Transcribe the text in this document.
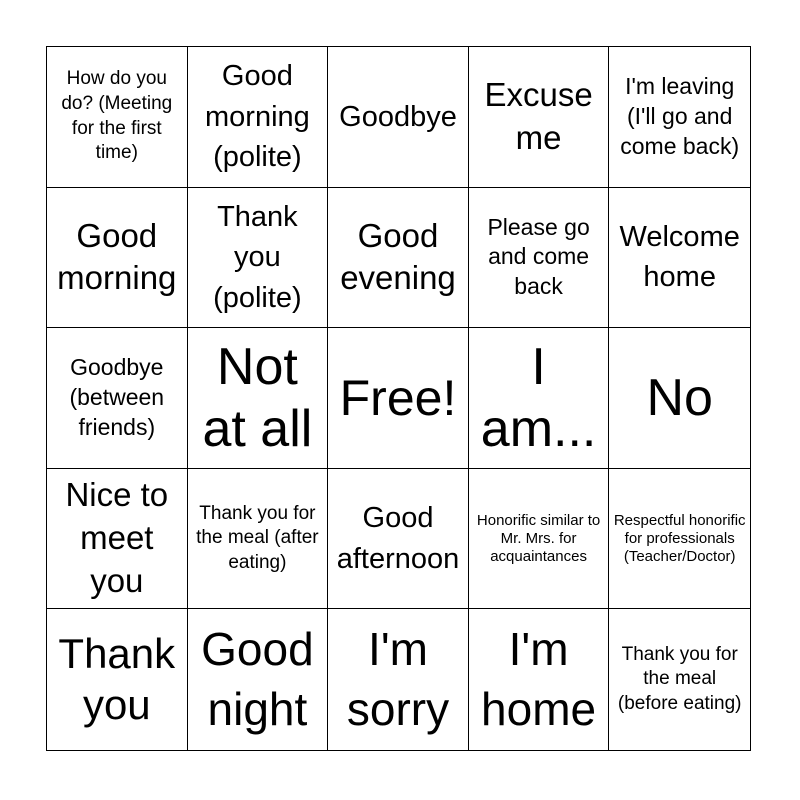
How do you do? (Meeting for the first time)
Good morning (polite)
Goodbye
Excuse me
I'm leaving (I'll go and come back)
Good morning
Thank you (polite)
Good evening
Please go and come back
Welcome home
Goodbye (between friends)
Not at all
Free!
I am...
No
Nice to meet you
Thank you for the meal (after eating)
Good afternoon
Honorific similar to Mr. Mrs. for acquaintances
Respectful honorific for professionals (Teacher/Doctor)
Thank you
Good night
I'm sorry
I'm home
Thank you for the meal (before eating)
